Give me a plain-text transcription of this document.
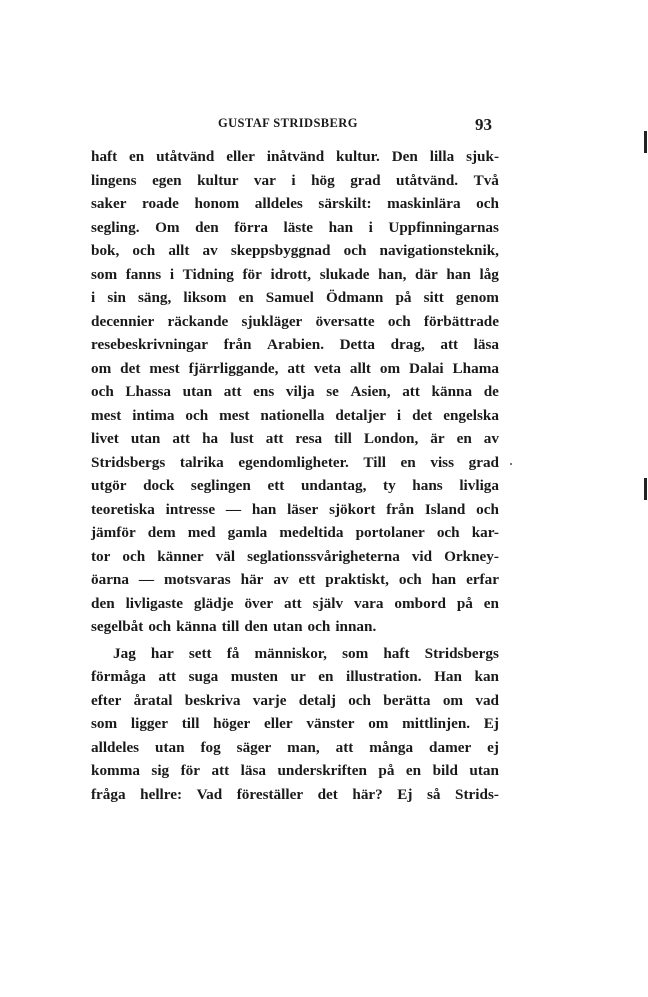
GUSTAF STRIDSBERG	93
haft en utåtvänd eller inåtvänd kultur. Den lilla sjuk-
lingens egen kultur var i hög grad utåtvänd. Två
saker roade honom alldeles särskilt: maskinlära och
segling. Om den förra läste han i Uppfinningarnas
bok, och allt av skeppsbyggnad och navigationsteknik,
som fanns i Tidning för idrott, slukade han, där han låg
i sin säng, liksom en Samuel Ödmann på sitt genom
decennier räckande sjukläger översatte och förbättrade
resebeskrivningar från Arabien. Detta drag, att läsa
om det mest fjärrliggande, att veta allt om Dalai Lhama
och Lhassa utan att ens vilja se Asien, att känna de
mest intima och mest nationella detaljer i det engelska
livet utan att ha lust att resa till London, är en av
Stridsbergs talrika egendomligheter. Till en viss grad
utgör dock seglingen ett undantag, ty hans livliga
teoretiska intresse — han läser sjökort från Island och
jämför dem med gamla medeltida portolaner och kar-
tor och känner väl seglationssvårigheterna vid Orkney-
öarna — motsvaras här av ett praktiskt, och han erfar
den livligaste glädje över att själv vara ombord på en
segelbåt och känna till den utan och innan.
Jag har sett få människor, som haft Stridsbergs
förmåga att suga musten ur en illustration. Han kan
efter åratal beskriva varje detalj och berätta om vad
som ligger till höger eller vänster om mittlinjen. Ej
alldeles utan fog säger man, att många damer ej
komma sig för att läsa underskriften på en bild utan
fråga hellre: Vad föreställer det här? Ej så Strids-
